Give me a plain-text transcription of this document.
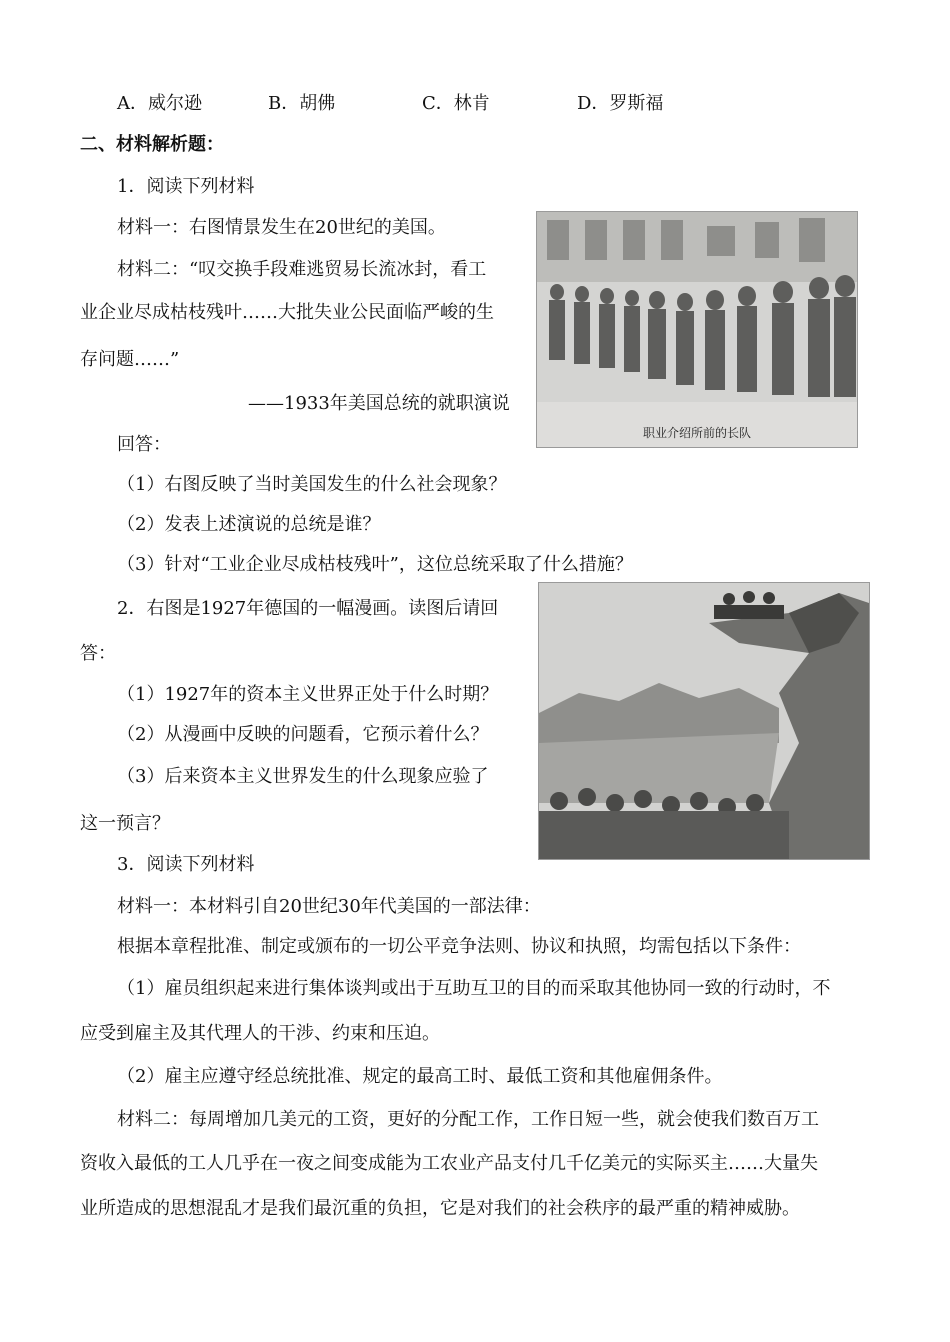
A．威尔逊	B．胡佛	C．林肯	D．罗斯福
二、材料解析题：
1．阅读下列材料
材料一：右图情景发生在20世纪的美国。
材料二：“叹交换手段难逃贸易长流冰封，看工
业企业尽成枯枝残叶……大批失业公民面临严峻的生
存问题……”
——1933年美国总统的就职演说
回答：
（1）右图反映了当时美国发生的什么社会现象？
（2）发表上述演说的总统是谁？
（3）针对“工业企业尽成枯枝残叶”，这位总统采取了什么措施？
职业介绍所前的长队
2．右图是1927年德国的一幅漫画。读图后请回
答：
（1）1927年的资本主义世界正处于什么时期？
（2）从漫画中反映的问题看，它预示着什么？
（3）后来资本主义世界发生的什么现象应验了
这一预言？
3．阅读下列材料
材料一：本材料引自20世纪30年代美国的一部法律：
根据本章程批准、制定或颁布的一切公平竞争法则、协议和执照，均需包括以下条件：
（1）雇员组织起来进行集体谈判或出于互助互卫的目的而采取其他协同一致的行动时，不
应受到雇主及其代理人的干涉、约束和压迫。
（2）雇主应遵守经总统批准、规定的最高工时、最低工资和其他雇佣条件。
材料二：每周增加几美元的工资，更好的分配工作，工作日短一些，就会使我们数百万工
资收入最低的工人几乎在一夜之间变成能为工农业产品支付几千亿美元的实际买主……大量失
业所造成的思想混乱才是我们最沉重的负担，它是对我们的社会秩序的最严重的精神威胁。
